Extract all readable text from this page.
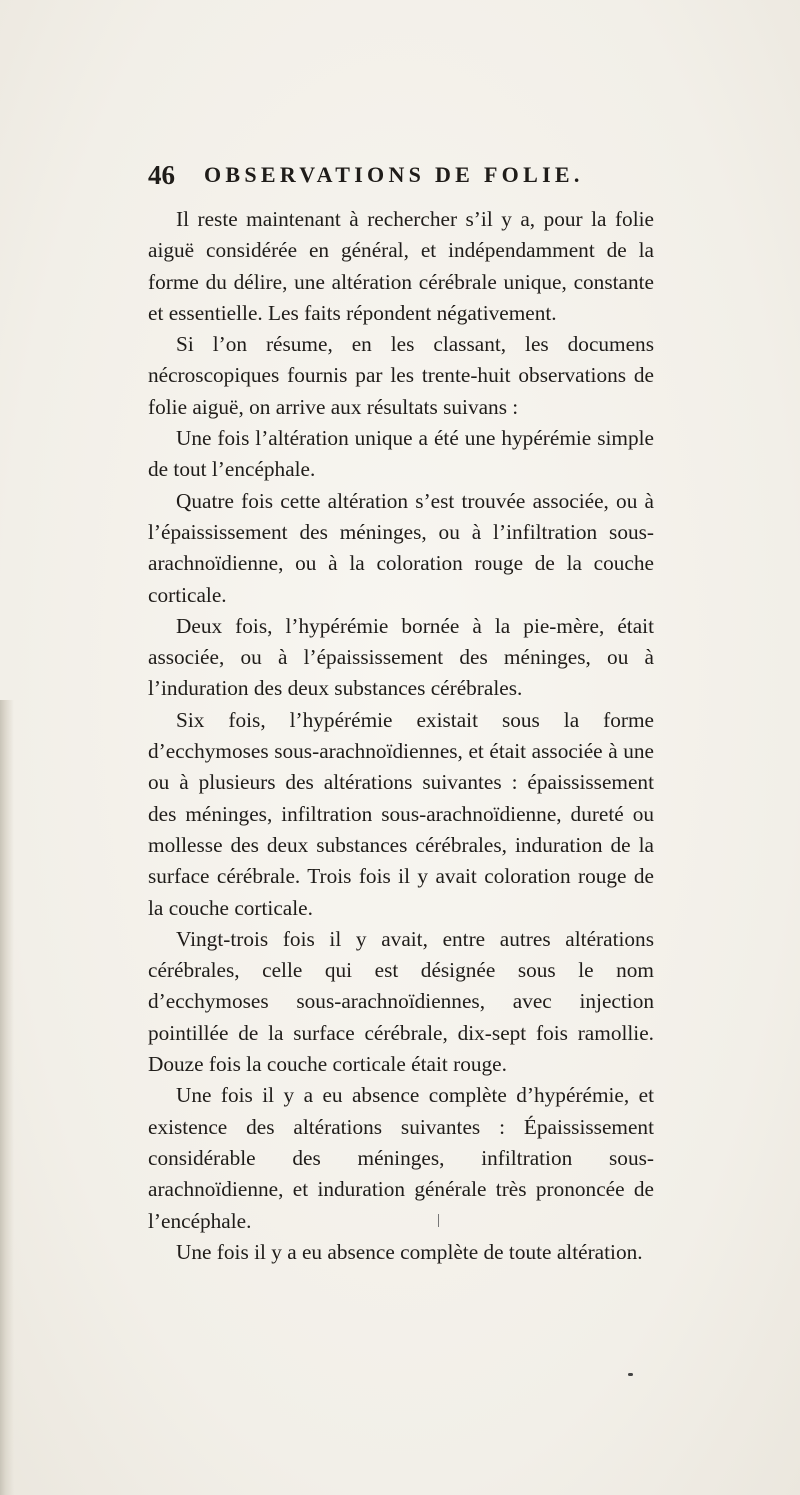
46 OBSERVATIONS DE FOLIE.

Il reste maintenant à rechercher s’il y a, pour la folie aiguë considérée en général, et indépendamment de la forme du délire, une altération cérébrale unique, constante et essentielle. Les faits répondent négativement.

Si l’on résume, en les classant, les documens nécroscopiques fournis par les trente-huit observations de folie aiguë, on arrive aux résultats suivans :

Une fois l’altération unique a été une hypérémie simple de tout l’encéphale.

Quatre fois cette altération s’est trouvée associée, ou à l’épaississement des méninges, ou à l’infiltration sous-arachnoïdienne, ou à la coloration rouge de la couche corticale.

Deux fois, l’hypérémie bornée à la pie-mère, était associée, ou à l’épaississement des méninges, ou à l’induration des deux substances cérébrales.

Six fois, l’hypérémie existait sous la forme d’ecchymoses sous-arachnoïdiennes, et était associée à une ou à plusieurs des altérations suivantes : épaississement des méninges, infiltration sous-arachnoïdienne, dureté ou mollesse des deux substances cérébrales, induration de la surface cérébrale. Trois fois il y avait coloration rouge de la couche corticale.

Vingt-trois fois il y avait, entre autres altérations cérébrales, celle qui est désignée sous le nom d’ecchymoses sous-arachnoïdiennes, avec injection pointillée de la surface cérébrale, dix-sept fois ramollie. Douze fois la couche corticale était rouge.

Une fois il y a eu absence complète d’hypérémie, et existence des altérations suivantes : Épaississement considérable des méninges, infiltration sous-arachnoïdienne, et induration générale très prononcée de l’encéphale.

Une fois il y a eu absence complète de toute altération.
